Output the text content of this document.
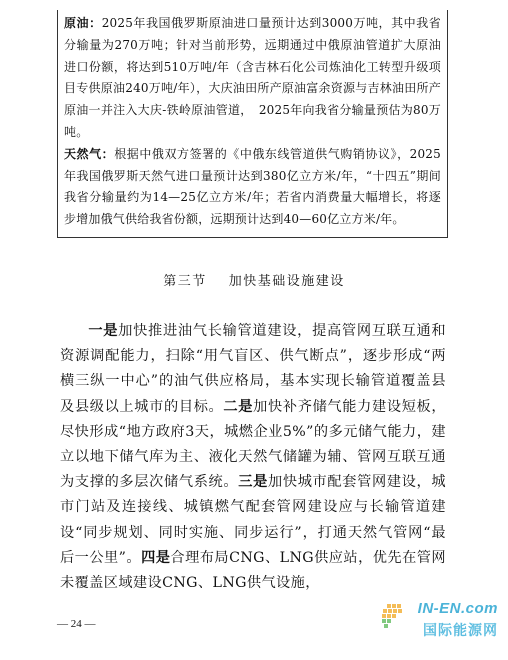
原油：2025年我国俄罗斯原油进口量预计达到3000万吨，其中我省分输量为270万吨；针对当前形势，远期通过中俄原油管道扩大原油进口份额，将达到510万吨/年（含吉林石化公司炼油化工转型升级项目专供原油240万吨/年），大庆油田所产原油富余资源与吉林油田所产原油一并注入大庆-铁岭原油管道，　2025年向我省分输量预估为80万吨。

天然气：根据中俄双方签署的《中俄东线管道供气购销协议》，2025年我国俄罗斯天然气进口量预计达到380亿立方米/年，“十四五”期间我省分输量约为14—25亿立方米/年；若省内消费量大幅增长，将逐步增加俄气供给我省份额，远期预计达到40—60亿立方米/年。

第三节 加快基础设施建设

一是加快推进油气长输管道建设，提高管网互联互通和资源调配能力，扫除“用气盲区、供气断点”，逐步形成“两横三纵一中心”的油气供应格局，基本实现长输管道覆盖县及县级以上城市的目标。二是加快补齐储气能力建设短板，尽快形成“地方政府3天，城燃企业5%”的多元储气能力，建立以地下储气库为主、液化天然气储罐为辅、管网互联互通为支撑的多层次储气系统。三是加快城市配套管网建设，城市门站及连接线、城镇燃气配套管网建设应与长输管道建设“同步规划、同时实施、同步运行”，打通天然气管网“最后一公里”。四是合理布局CNG、LNG供应站，优先在管网未覆盖区域建设CNG、LNG供气设施，

— 24 —
IN-EN.com
国际能源网
